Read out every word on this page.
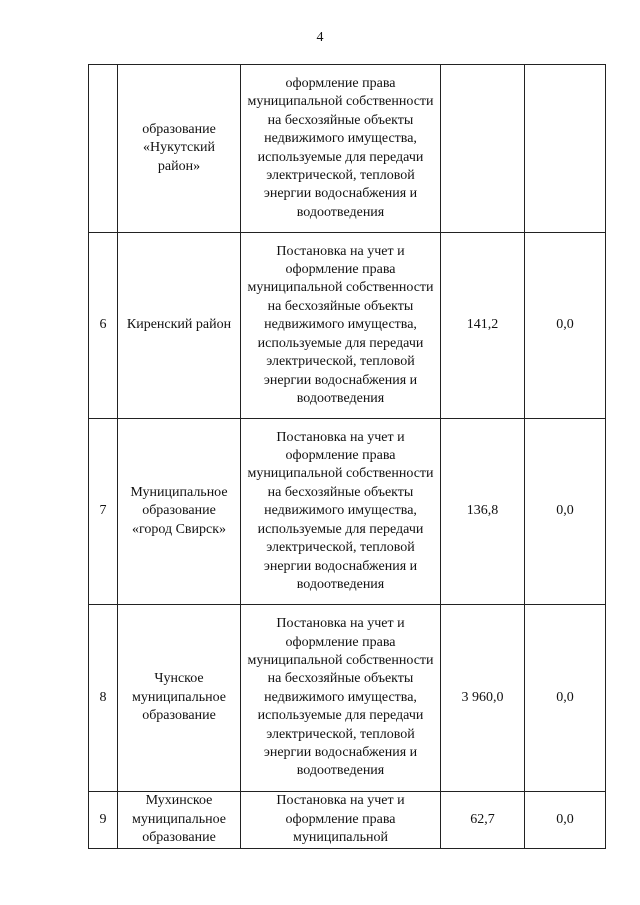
4
	образование «Нукутский район»	оформление права муниципальной собственности на бесхозяйные объекты недвижимого имущества, используемые для передачи электрической, тепловой энергии водоснабжения и водоотведения		
6	Киренский район	Постановка на учет и оформление права муниципальной собственности на бесхозяйные объекты недвижимого имущества, используемые для передачи электрической, тепловой энергии водоснабжения и водоотведения	141,2	0,0
7	Муниципальное образование «город Свирск»	Постановка на учет и оформление права муниципальной собственности на бесхозяйные объекты недвижимого имущества, используемые для передачи электрической, тепловой энергии водоснабжения и водоотведения	136,8	0,0
8	Чунское муниципальное образование	Постановка на учет и оформление права муниципальной собственности на бесхозяйные объекты недвижимого имущества, используемые для передачи электрической, тепловой энергии водоснабжения и водоотведения	3 960,0	0,0
9	Мухинское муниципальное образование	Постановка на учет и оформление права муниципальной	62,7	0,0
